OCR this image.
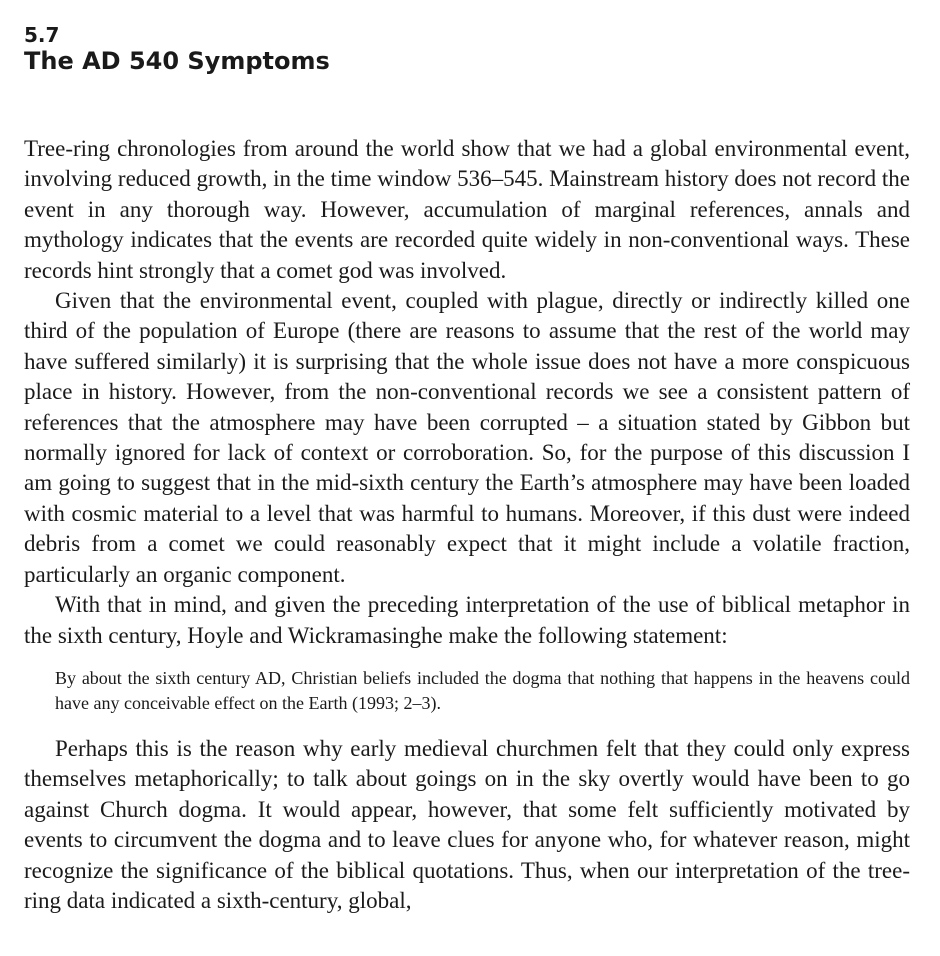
5.7
The AD 540 Symptoms

Tree-ring chronologies from around the world show that we had a global environmental event, involving reduced growth, in the time window 536–545. Mainstream history does not record the event in any thorough way. However, accumulation of marginal references, annals and mythology indicates that the events are recorded quite widely in non-conventional ways. These records hint strongly that a comet god was involved.

Given that the environmental event, coupled with plague, directly or indirectly killed one third of the population of Europe (there are reasons to assume that the rest of the world may have suffered similarly) it is surprising that the whole issue does not have a more conspicuous place in history. However, from the non-conventional records we see a consistent pattern of references that the atmosphere may have been corrupted – a situation stated by Gibbon but normally ignored for lack of context or corroboration. So, for the purpose of this discussion I am going to suggest that in the mid-sixth century the Earth’s atmosphere may have been loaded with cosmic material to a level that was harmful to humans. Moreover, if this dust were indeed debris from a comet we could reasonably expect that it might include a volatile fraction, particularly an organic component.

With that in mind, and given the preceding interpretation of the use of biblical metaphor in the sixth century, Hoyle and Wickramasinghe make the following statement:

By about the sixth century AD, Christian beliefs included the dogma that nothing that happens in the heavens could have any conceivable effect on the Earth (1993; 2–3).

Perhaps this is the reason why early medieval churchmen felt that they could only express themselves metaphorically; to talk about goings on in the sky overtly would have been to go against Church dogma. It would appear, however, that some felt sufficiently motivated by events to circumvent the dogma and to leave clues for anyone who, for whatever reason, might recognize the significance of the biblical quotations. Thus, when our interpretation of the tree-ring data indicated a sixth-century, global,
